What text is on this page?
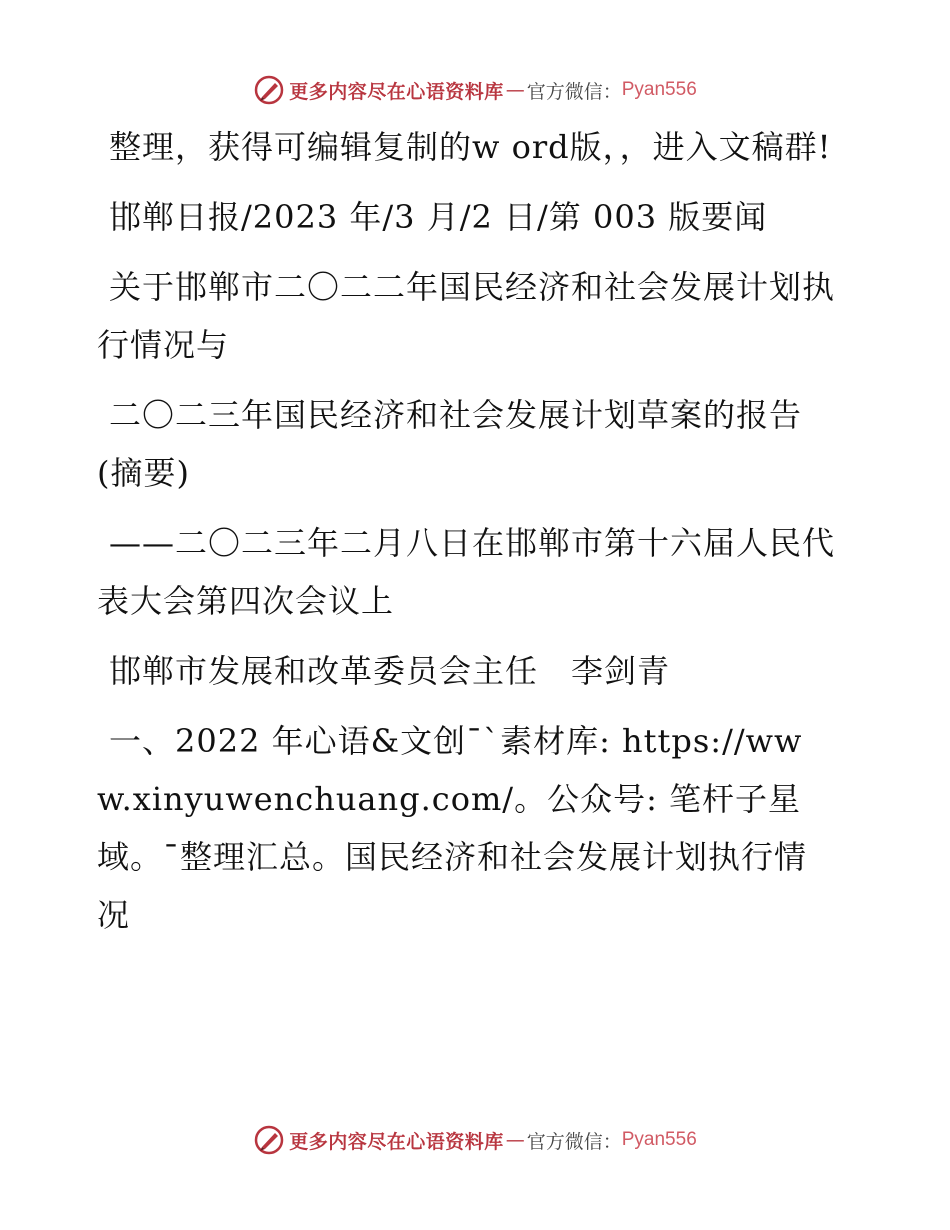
更多内容尽在心语资料库 — 官方微信： Pyan556

整理，获得可编辑复制的w ord版，，进入文稿群!

邯郸日报/2023 年/3 月/2 日/第 003 版要闻

关于邯郸市二〇二二年国民经济和社会发展计划执行情况与

二〇二三年国民经济和社会发展计划草案的报告(摘要)

——二〇二三年二月八日在邯郸市第十六届人民代表大会第四次会议上

邯郸市发展和改革委员会主任　李剑青

一、2022 年心语&文创¯`素材库: https://www.xinyuwenchuang.com/。公众号: 笔杆子星域。¯整理汇总。国民经济和社会发展计划执行情况

更多内容尽在心语资料库 — 官方微信： Pyan556
